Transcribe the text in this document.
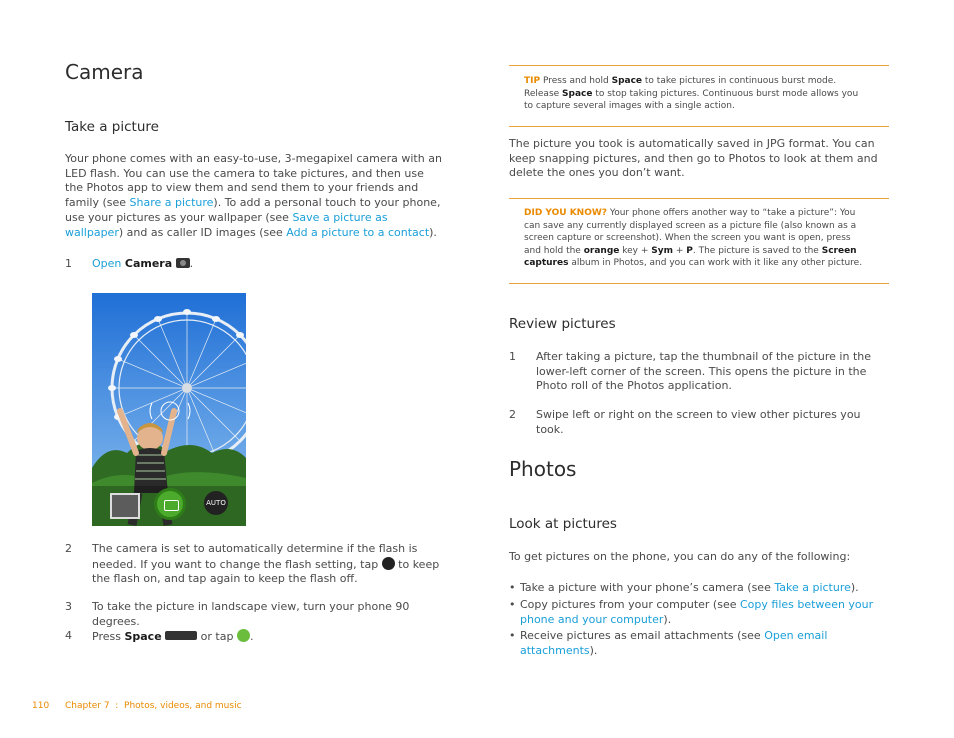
Camera
Take a picture
Your phone comes with an easy-to-use, 3-megapixel camera with an LED flash. You can use the camera to take pictures, and then use the Photos app to view them and send them to your friends and family (see Share a picture). To add a personal touch to your phone, use your pictures as your wallpaper (see Save a picture as wallpaper) and as caller ID images (see Add a picture to a contact).
1 Open Camera .
AUTO
2 The camera is set to automatically determine if the flash is needed. If you want to change the flash setting, tap  to keep the flash on, and tap again to keep the flash off.
3 To take the picture in landscape view, turn your phone 90 degrees.
4 Press Space	or tap .
TIP Press and hold Space to take pictures in continuous burst mode. Release Space to stop taking pictures. Continuous burst mode allows you to capture several images with a single action.
The picture you took is automatically saved in JPG format. You can keep snapping pictures, and then go to Photos to look at them and delete the ones you don’t want.
DID YOU KNOW? Your phone offers another way to “take a picture”: You can save any currently displayed screen as a picture file (also known as a screen capture or screenshot). When the screen you want is open, press and hold the orange key + Sym + P. The picture is saved to the Screen captures album in Photos, and you can work with it like any other picture.
Review pictures
1 After taking a picture, tap the thumbnail of the picture in the lower-left corner of the screen. This opens the picture in the Photo roll of the Photos application.
2 Swipe left or right on the screen to view other pictures you took.
Photos
Look at pictures
To get pictures on the phone, you can do any of the following:
• Take a picture with your phone’s camera (see Take a picture).
• Copy pictures from your computer (see Copy files between your phone and your computer).
• Receive pictures as email attachments (see Open email attachments).
110 Chapter 7  :  Photos, videos, and music
